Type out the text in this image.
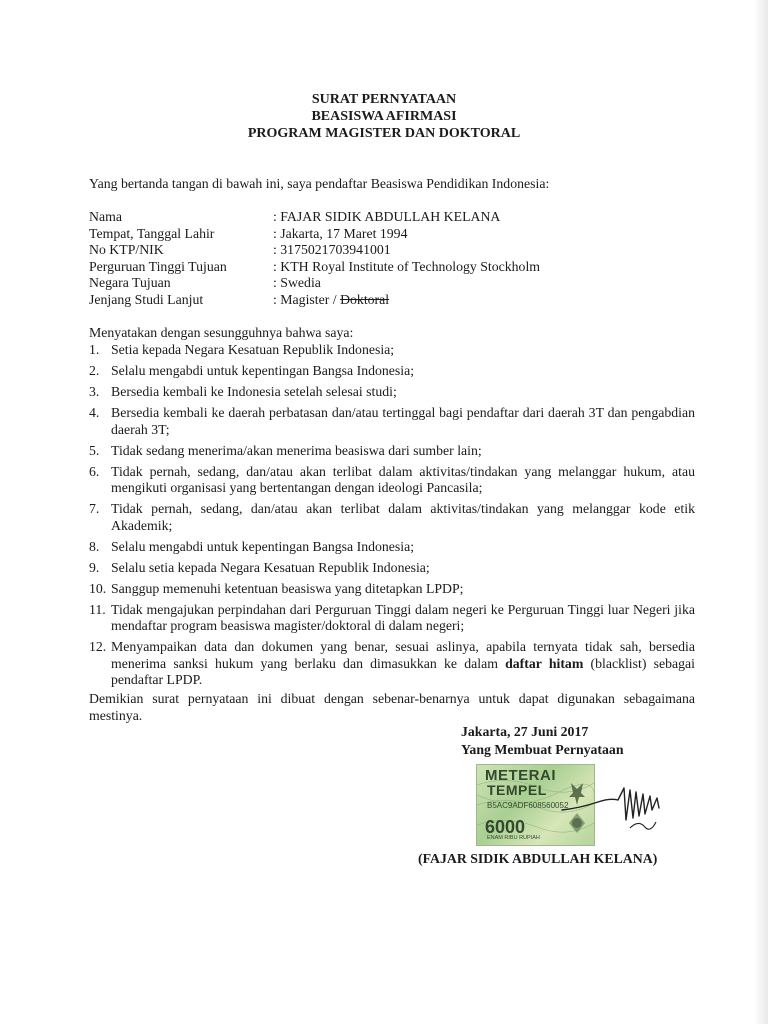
SURAT PERNYATAAN
BEASISWA AFIRMASI
PROGRAM MAGISTER DAN DOKTORAL
Yang bertanda tangan di bawah ini, saya pendaftar Beasiswa Pendidikan Indonesia:
Nama	: FAJAR SIDIK ABDULLAH KELANA
Tempat, Tanggal Lahir	: Jakarta, 17 Maret 1994
No KTP/NIK	: 3175021703941001
Perguruan Tinggi Tujuan	: KTH Royal Institute of Technology Stockholm
Negara Tujuan	: Swedia
Jenjang Studi Lanjut	: Magister / Doktoral
Menyatakan dengan sesungguhnya bahwa saya:
1. Setia kepada Negara Kesatuan Republik Indonesia;
2. Selalu mengabdi untuk kepentingan Bangsa Indonesia;
3. Bersedia kembali ke Indonesia setelah selesai studi;
4. Bersedia kembali ke daerah perbatasan dan/atau tertinggal bagi pendaftar dari daerah 3T dan pengabdian daerah 3T;
5. Tidak sedang menerima/akan menerima beasiswa dari sumber lain;
6. Tidak pernah, sedang, dan/atau akan terlibat dalam aktivitas/tindakan yang melanggar hukum, atau mengikuti organisasi yang bertentangan dengan ideologi Pancasila;
7. Tidak pernah, sedang, dan/atau akan terlibat dalam aktivitas/tindakan yang melanggar kode etik Akademik;
8. Selalu mengabdi untuk kepentingan Bangsa Indonesia;
9. Selalu setia kepada Negara Kesatuan Republik Indonesia;
10. Sanggup memenuhi ketentuan beasiswa yang ditetapkan LPDP;
11. Tidak mengajukan perpindahan dari Perguruan Tinggi dalam negeri ke Perguruan Tinggi luar Negeri jika mendaftar program beasiswa magister/doktoral di dalam negeri;
12. Menyampaikan data dan dokumen yang benar, sesuai aslinya, apabila ternyata tidak sah, bersedia menerima sanksi hukum yang berlaku dan dimasukkan ke dalam daftar hitam (blacklist) sebagai pendaftar LPDP.
Demikian surat pernyataan ini dibuat dengan sebenar-benarnya untuk dapat digunakan sebagaimana mestinya.
Jakarta, 27 Juni 2017
Yang Membuat Pernyataan
METERAI
TEMPEL
B5AC9ADF608560052
6000
ENAM RIBU RUPIAH
(FAJAR SIDIK ABDULLAH KELANA)
